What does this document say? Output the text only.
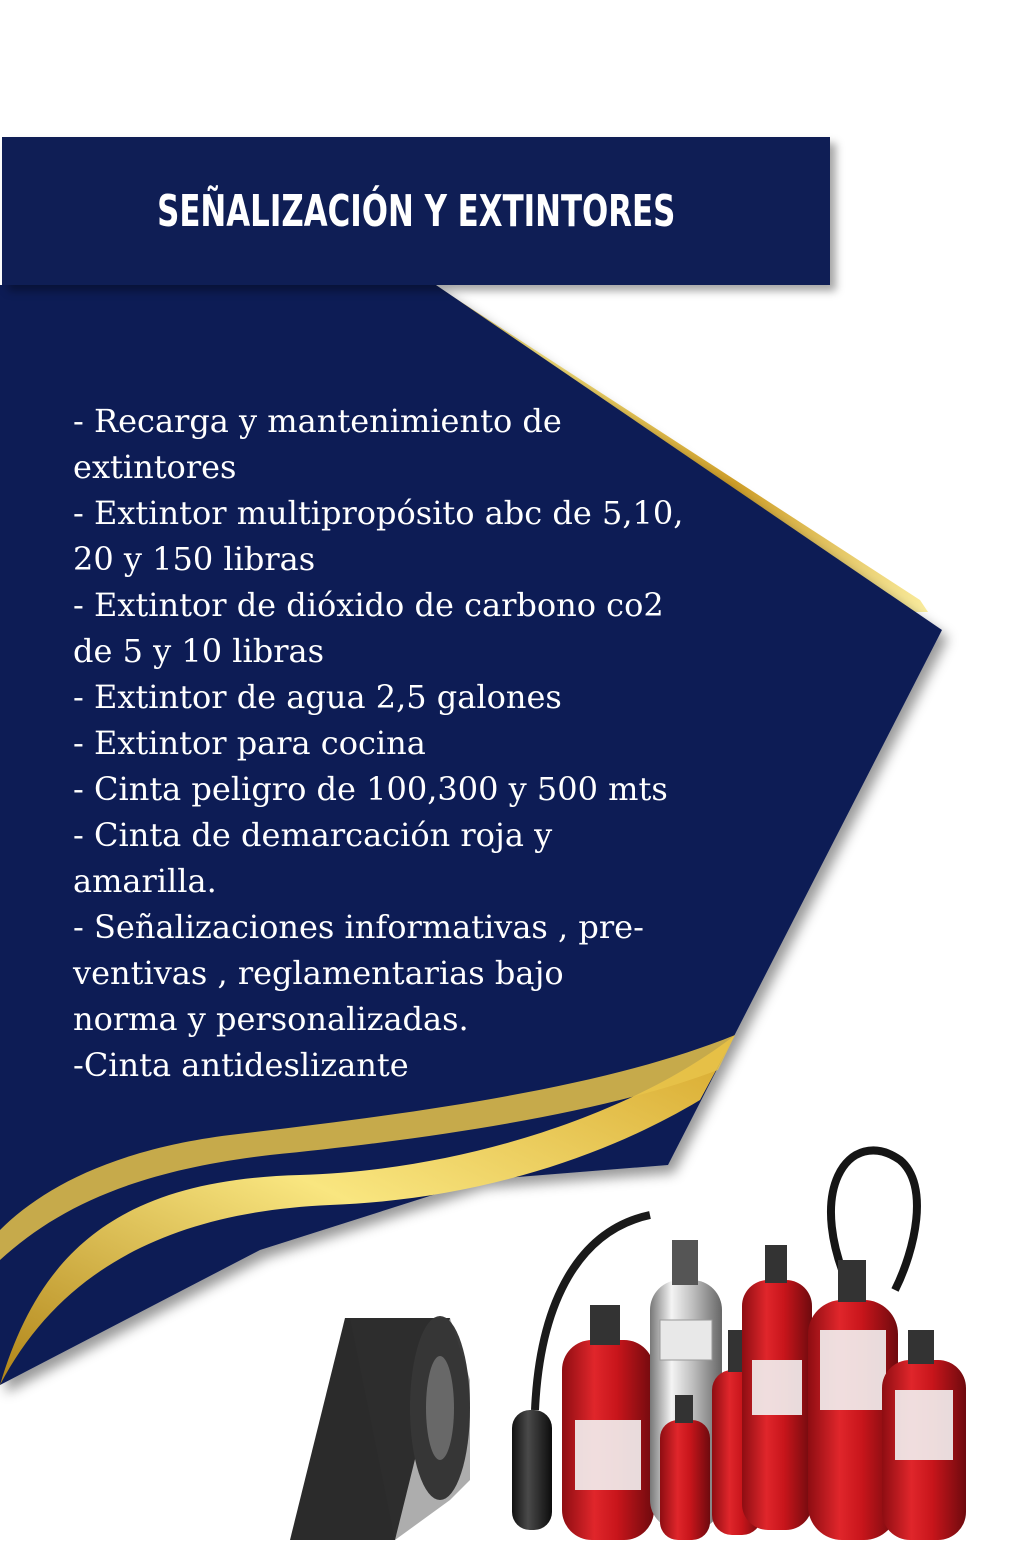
SEÑALIZACIÓN Y EXTINTORES
- Recarga y mantenimiento de
extintores
- Extintor multipropósito abc de 5,10,
20 y 150 libras
- Extintor de dióxido de carbono co2
de 5 y 10 libras
- Extintor de agua 2,5 galones
- Extintor para cocina
- Cinta peligro de 100,300 y 500 mts
- Cinta de demarcación roja y
amarilla.
- Señalizaciones informativas , pre-
ventivas , reglamentarias bajo
norma y personalizadas.
-Cinta antideslizante
